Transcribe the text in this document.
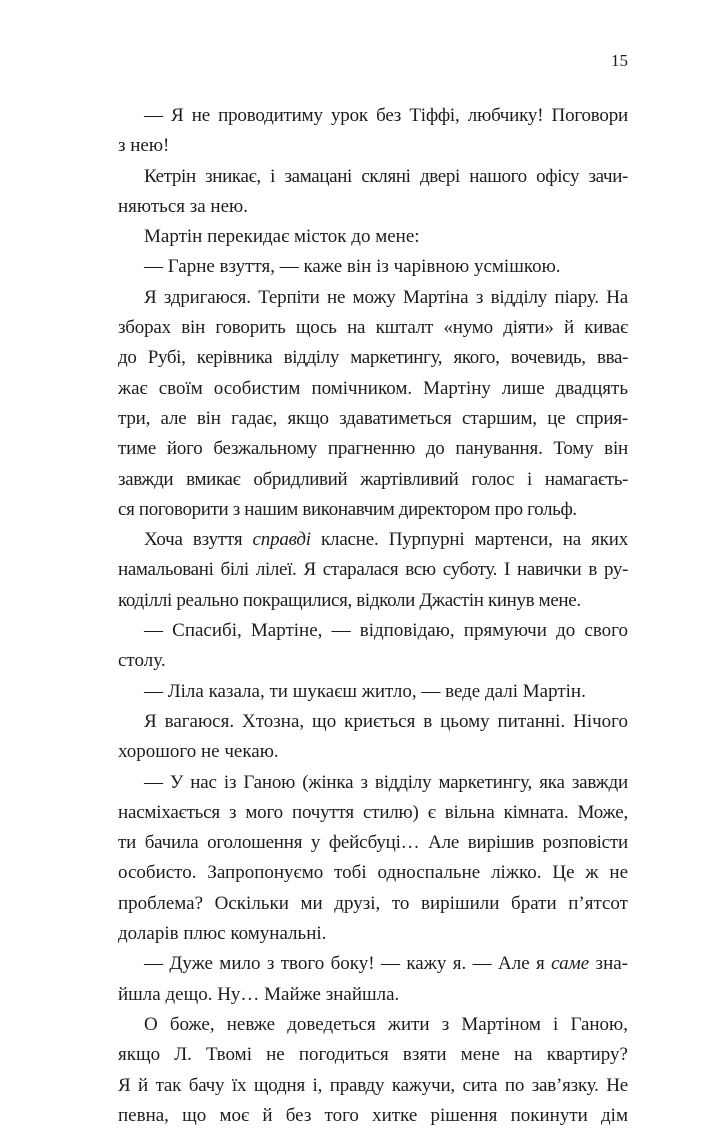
15
— Я не проводитиму урок без Тіффі, любчику! Поговори
з нею!
Кетрін зникає, і замацані скляні двері нашого офісу зачи-
няються за нею.
Мартін перекидає місток до мене:
— Гарне взуття, — каже він із чарівною усмішкою.
Я здригаюся. Терпіти не можу Мартіна з відділу піару. На
зборах він говорить щось на кшталт «нумо діяти» й киває
до Рубі, керівника відділу маркетингу, якого, вочевидь, вва-
жає своїм особистим помічником. Мартіну лише двадцять
три, але він гадає, якщо здаватиметься старшим, це сприя-
тиме його безжальному прагненню до панування. Тому він
завжди вмикає обридливий жартівливий голос і намагаєть-
ся поговорити з нашим виконавчим директором про гольф.
Хоча взуття справді класне. Пурпурні мартенси, на яких
намальовані білі лілеї. Я старалася всю суботу. І навички в ру-
кодiллі реально покращилися, відколи Джастін кинув мене.
— Спасибі, Мартіне, — відповідаю, прямуючи до свого
столу.
— Ліла казала, ти шукаєш житло, — веде далі Мартін.
Я вагаюся. Хтозна, що криється в цьому питанні. Нічого
хорошого не чекаю.
— У нас із Ганою (жінка з відділу маркетингу, яка завжди
насміхається з мого почуття стилю) є вільна кімната. Може,
ти бачила оголошення у фейсбуці… Але вирішив розповісти
особисто. Запропонуємо тобі односпальне ліжко. Це ж не
проблема? Оскільки ми друзі, то вирішили брати п’ятсот
доларів плюс комунальні.
— Дуже мило з твого боку! — кажу я. — Але я саме зна-
йшла дещо. Ну… Майже знайшла.
О боже, невже доведеться жити з Мартіном і Ганою,
якщо Л. Твомі не погодиться взяти мене на квартиру?
Я й так бачу їх щодня і, правду кажучи, сита по зав’язку. Не
певна, що моє й без того хитке рішення покинути дім
